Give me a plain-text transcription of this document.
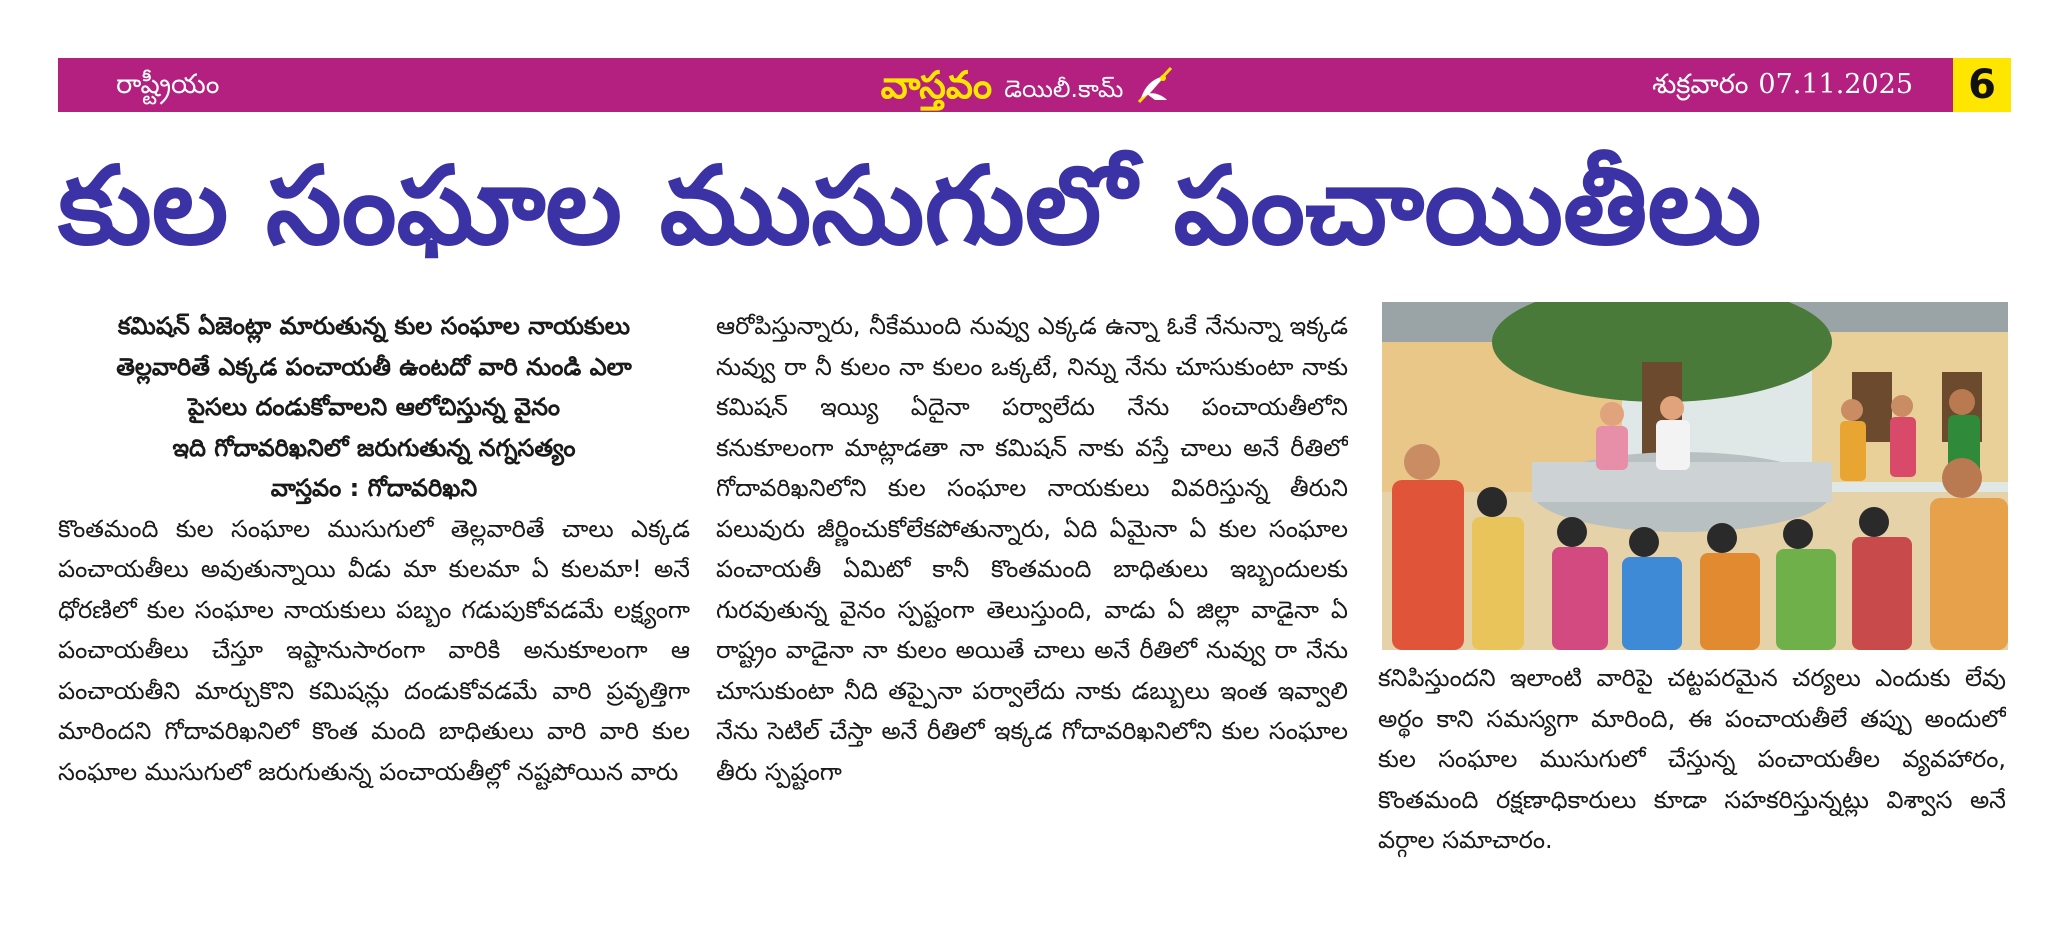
రాష్ట్రీయం	వాస్తవం డెయిలీ.కామ్	శుక్రవారం 07.11.2025	6
కుల సంఘాల ముసుగులో పంచాయితీలు
కమిషన్ ఏజెంట్లా మారుతున్న కుల సంఘాల నాయకులు
తెల్లవారితే ఎక్కడ పంచాయతీ ఉంటదో వారి నుండి ఎలా
పైసలు దండుకోవాలని ఆలోచిస్తున్న వైనం
ఇది గోదావరిఖనిలో జరుగుతున్న నగ్నసత్యం
వాస్తవం : గోదావరిఖని
కొంతమంది కుల సంఘాల ముసుగులో తెల్లవారితే చాలు ఎక్కడ పంచాయతీలు అవుతున్నాయి వీడు మా కులమా ఏ కులమా! అనే ధోరణిలో కుల సంఘాల నాయకులు పబ్బం గడుపుకోవడమే లక్ష్యంగా పంచాయతీలు చేస్తూ ఇష్టానుసారంగా వారికి అనుకూలంగా ఆ పంచాయతీని మార్చుకొని కమిషన్లు దండుకోవడమే వారి ప్రవృత్తిగా మారిందని గోదావరిఖనిలో కొంత మంది బాధితులు వారి వారి కుల సంఘాల ముసుగులో జరుగుతున్న పంచాయతీల్లో నష్టపోయిన వారు
ఆరోపిస్తున్నారు, నీకేముంది నువ్వు ఎక్కడ ఉన్నా ఓకే నేనున్నా ఇక్కడ నువ్వు రా నీ కులం నా కులం ఒక్కటే, నిన్ను నేను చూసుకుంటా నాకు కమిషన్ ఇయ్యి ఏదైనా పర్వాలేదు నేను పంచాయతీలోని కనుకూలంగా మాట్లాడతా నా కమిషన్ నాకు వస్తే చాలు అనే రీతిలో గోదావరిఖనిలోని కుల సంఘాల నాయకులు వివరిస్తున్న తీరుని పలువురు జీర్ణించుకోలేకపోతున్నారు, ఏది ఏమైనా ఏ కుల సంఘాల పంచాయతీ ఏమిటో కానీ కొంతమంది బాధితులు ఇబ్బందులకు గురవుతున్న వైనం స్పష్టంగా తెలుస్తుంది, వాడు ఏ జిల్లా వాడైనా ఏ రాష్ట్రం వాడైనా నా కులం అయితే చాలు అనే రీతిలో నువ్వు రా నేను చూసుకుంటా నీది తప్పైనా పర్వాలేదు నాకు డబ్బులు ఇంత ఇవ్వాలి నేను సెటిల్ చేస్తా అనే రీతిలో ఇక్కడ గోదావరిఖనిలోని కుల సంఘాల తీరు స్పష్టంగా
కనిపిస్తుందని ఇలాంటి వారిపై చట్టపరమైన చర్యలు ఎందుకు లేవు అర్థం కాని సమస్యగా మారింది, ఈ పంచాయతీలే తప్పు అందులో కుల సంఘాల ముసుగులో చేస్తున్న పంచాయతీల వ్యవహారం, కొంతమంది రక్షణాధికారులు కూడా సహకరిస్తున్నట్లు విశ్వాస అనే వర్గాల సమాచారం.
